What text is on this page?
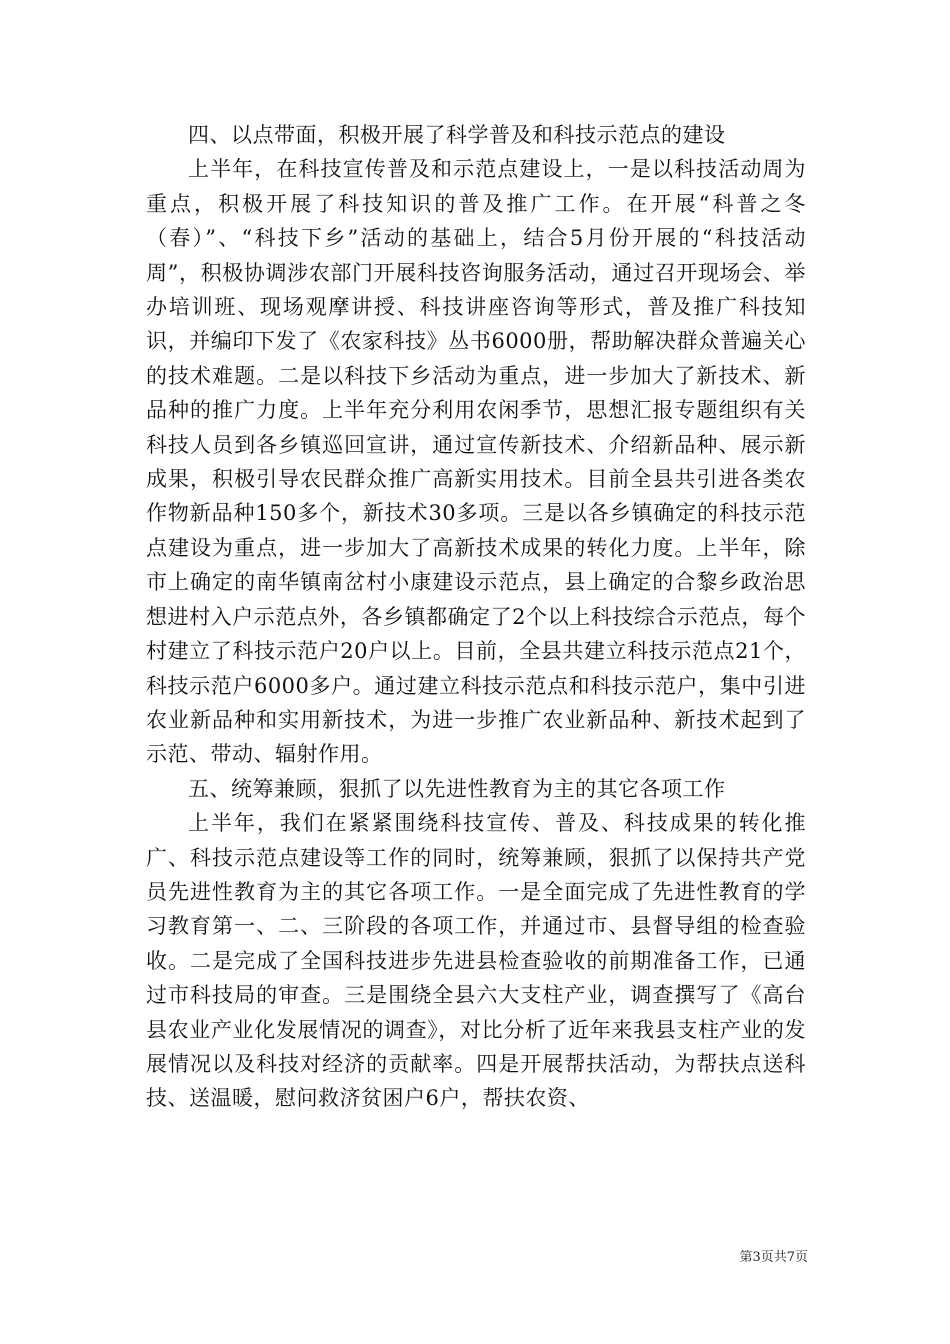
四、以点带面，积极开展了科学普及和科技示范点的建设

上半年，在科技宣传普及和示范点建设上，一是以科技活动周为重点，积极开展了科技知识的普及推广工作。在开展“科普之冬（春）”、“科技下乡”活动的基础上，结合5月份开展的“科技活动周”，积极协调涉农部门开展科技咨询服务活动，通过召开现场会、举办培训班、现场观摩讲授、科技讲座咨询等形式，普及推广科技知识，并编印下发了《农家科技》丛书6000册，帮助解决群众普遍关心的技术难题。二是以科技下乡活动为重点，进一步加大了新技术、新品种的推广力度。上半年充分利用农闲季节，思想汇报专题组织有关科技人员到各乡镇巡回宣讲，通过宣传新技术、介绍新品种、展示新成果，积极引导农民群众推广高新实用技术。目前全县共引进各类农作物新品种150多个，新技术30多项。三是以各乡镇确定的科技示范点建设为重点，进一步加大了高新技术成果的转化力度。上半年，除市上确定的南华镇南岔村小康建设示范点，县上确定的合黎乡政治思想进村入户示范点外，各乡镇都确定了2个以上科技综合示范点，每个村建立了科技示范户20户以上。目前，全县共建立科技示范点21个，科技示范户6000多户。通过建立科技示范点和科技示范户，集中引进农业新品种和实用新技术，为进一步推广农业新品种、新技术起到了示范、带动、辐射作用。

五、统筹兼顾，狠抓了以先进性教育为主的其它各项工作

上半年，我们在紧紧围绕科技宣传、普及、科技成果的转化推广、科技示范点建设等工作的同时，统筹兼顾，狠抓了以保持共产党员先进性教育为主的其它各项工作。一是全面完成了先进性教育的学习教育第一、二、三阶段的各项工作，并通过市、县督导组的检查验收。二是完成了全国科技进步先进县检查验收的前期准备工作，已通过市科技局的审查。三是围绕全县六大支柱产业，调查撰写了《高台县农业产业化发展情况的调查》，对比分析了近年来我县支柱产业的发展情况以及科技对经济的贡献率。四是开展帮扶活动，为帮扶点送科技、送温暖，慰问救济贫困户6户，帮扶农资、

第3页共7页
